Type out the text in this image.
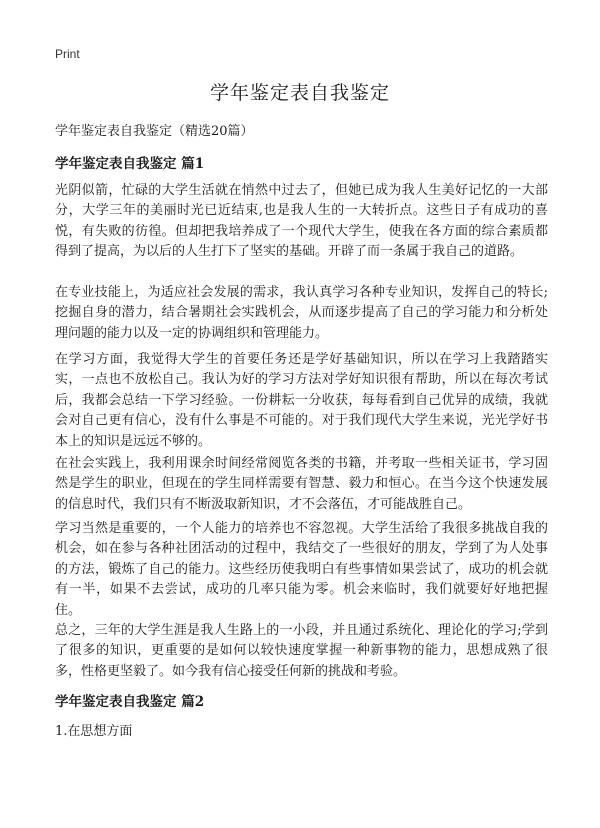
Print
学年鉴定表自我鉴定

学年鉴定表自我鉴定（精选20篇）

学年鉴定表自我鉴定 篇1

光阴似箭，忙碌的大学生活就在悄然中过去了，但她已成为我人生美好记忆的一大部分，大学三年的美丽时光已近结束,也是我人生的一大转折点。这些日子有成功的喜悦，有失败的彷徨。但却把我培养成了一个现代大学生，使我在各方面的综合素质都得到了提高，为以后的人生打下了坚实的基础。开辟了而一条属于我自己的道路。

在专业技能上，为适应社会发展的需求，我认真学习各种专业知识，发挥自己的特长;挖掘自身的潜力，结合暑期社会实践机会，从而逐步提高了自己的学习能力和分析处理问题的能力以及一定的协调组织和管理能力。

在学习方面，我觉得大学生的首要任务还是学好基础知识，所以在学习上我踏踏实实，一点也不放松自己。我认为好的学习方法对学好知识很有帮助，所以在每次考试后，我都会总结一下学习经验。一份耕耘一分收获，每每看到自己优异的成绩，我就会对自己更有信心，没有什么事是不可能的。对于我们现代大学生来说，光光学好书本上的知识是远远不够的。

在社会实践上，我利用课余时间经常阅览各类的书籍，并考取一些相关证书，学习固然是学生的职业，但现在的学生同样需要有智慧、毅力和恒心。在当今这个快速发展的信息时代，我们只有不断汲取新知识，才不会落伍，才可能战胜自己。

学习当然是重要的，一个人能力的培养也不容忽视。大学生活给了我很多挑战自我的机会，如在参与各种社团活动的过程中，我结交了一些很好的朋友，学到了为人处事的方法，锻炼了自己的能力。这些经历使我明白有些事情如果尝试了，成功的机会就有一半，如果不去尝试，成功的几率只能为零。机会来临时，我们就要好好地把握住。

总之，三年的大学生涯是我人生路上的一小段，并且通过系统化、理论化的学习;学到了很多的知识，更重要的是如何以较快速度掌握一种新事物的能力，思想成熟了很多，性格更坚毅了。如今我有信心接受任何新的挑战和考验。

学年鉴定表自我鉴定 篇2

1.在思想方面
